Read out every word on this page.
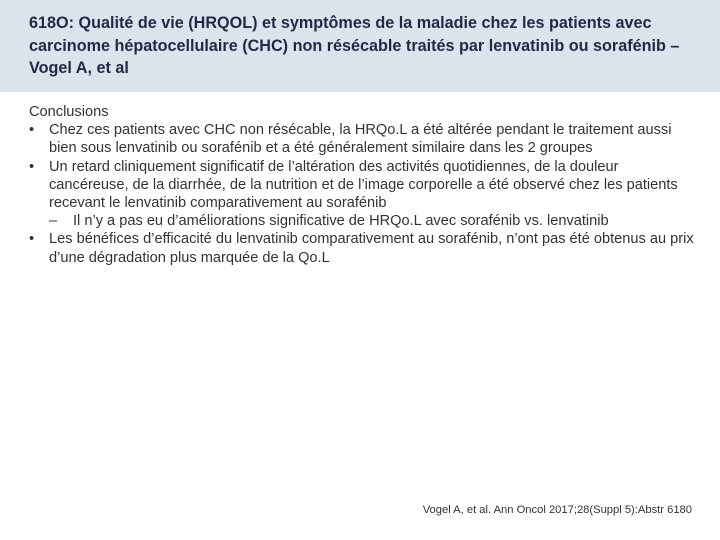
618O: Qualité de vie (HRQOL) et symptômes de la maladie chez les patients avec carcinome hépatocellulaire (CHC) non résécable traités par lenvatinib ou sorafénib – Vogel A, et al

Conclusions

•	Chez ces patients avec CHC non résécable, la HRQo.L a été altérée pendant le traitement aussi bien sous lenvatinib ou sorafénib et a été généralement similaire dans les 2 groupes
•	Un retard cliniquement significatif de l’altération des activités quotidiennes, de la douleur cancéreuse, de la diarrhée, de la nutrition et de l’image corporelle a été observé chez les patients recevant le lenvatinib comparativement au sorafénib
– Il n’y a pas eu d’améliorations significative de HRQo.L avec sorafénib vs. lenvatinib
•	Les bénéfices d’efficacité du lenvatinib comparativement au sorafénib, n’ont pas été obtenus au prix d’une dégradation plus marquée de la Qo.L

Vogel A, et al. Ann Oncol 2017;28(Suppl 5):Abstr 6180
